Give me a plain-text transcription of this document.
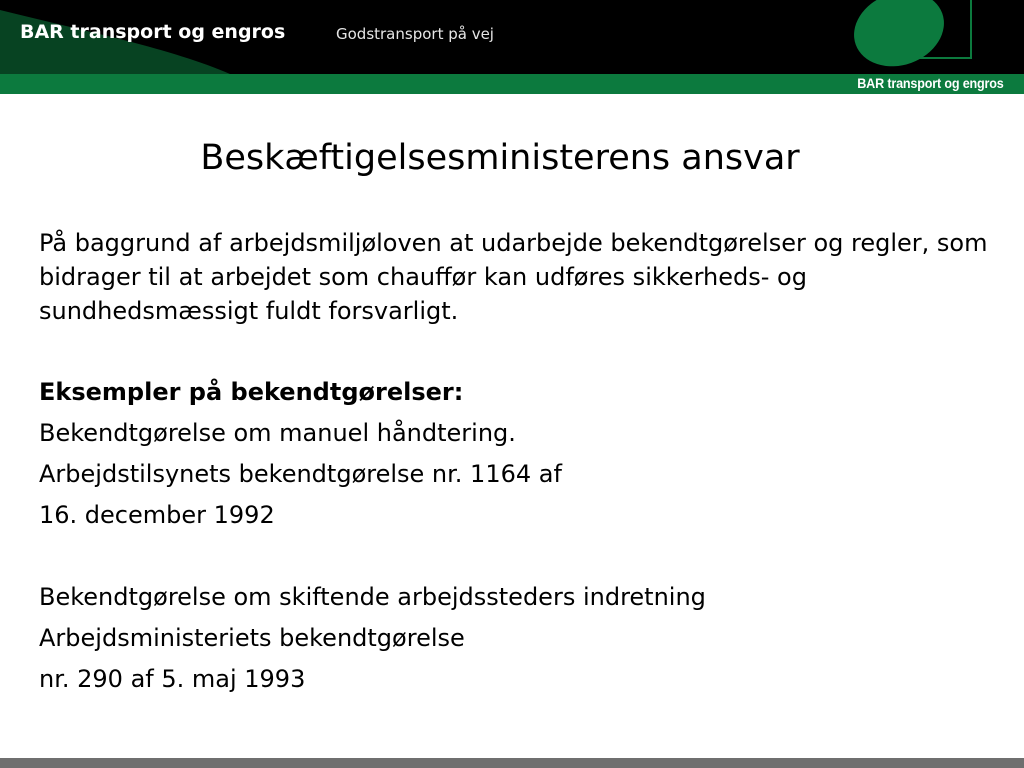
BAR transport og engros	Godstransport på vej
BAR transport og engros
Beskæftigelsesministerens ansvar

På baggrund af arbejdsmiljøloven at udarbejde bekendtgørelser og regler, som bidrager til at arbejdet som chauffør kan udføres sikkerheds- og sundhedsmæssigt fuldt forsvarligt.

Eksempler på bekendtgørelser:
Bekendtgørelse om manuel håndtering.
Arbejdstilsynets bekendtgørelse nr. 1164 af
16. december 1992
Bekendtgørelse om skiftende arbejdssteders indretning
Arbejdsministeriets bekendtgørelse
nr. 290 af 5. maj 1993
